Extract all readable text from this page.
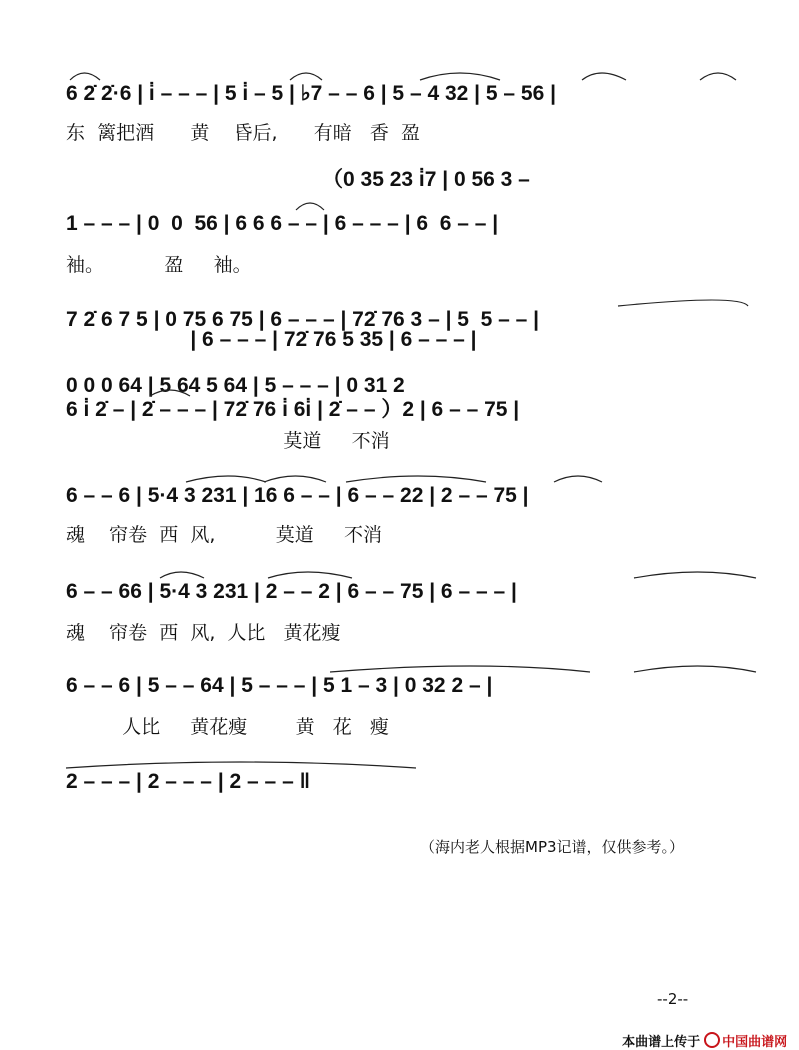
6 2̇ 2̇·6 | i̇ – – – | 5 i̇ – 5 | ♭7 – – 6 | 5 – 4 32 | 5 – 56 |
东  篱把酒      黄    昏后,      有暗   香  盈
（0 35 23 i̇7 | 0 56 3 –
1 – – – | 0  0  56 | 6 6 6 – – | 6 – – – | 6  6 – – |
袖。          盈     袖。
7 2̇ 6 7 5 | 0 75 6 75 | 6 – – – | 72̇ 76 3 – | 5  5 – – |
| 6 – – – | 72̇ 76 5 35 | 6 – – – |
0 0 0 64 | 5 64 5 64 | 5 – – – | 0 31 2
6 i̇ 2̇ – | 2̇ – – – | 72̇ 76 i̇ 6i̇ | 2̇ – – ）2 | 6 – – 75 |
莫道     不消
6 – – 6 | 5·4 3 231 | 16 6 – – | 6 – – 22 | 2 – – 75 |
魂    帘卷  西  风,          莫道     不消
6 – – 66 | 5·4 3 231 | 2 – – 2 | 6 – – 75 | 6 – – – |
魂    帘卷  西  风,  人比   黄花瘦
6 – – 6 | 5 – – 64 | 5 – – – | 5 1 – 3 | 0 32 2 – |
人比     黄花瘦        黄   花   瘦
2 – – – | 2 – – – | 2 – – – ‖
（海内老人根据MP3记谱，仅供参考。）
--2--

本曲谱上传于 中国曲谱网
